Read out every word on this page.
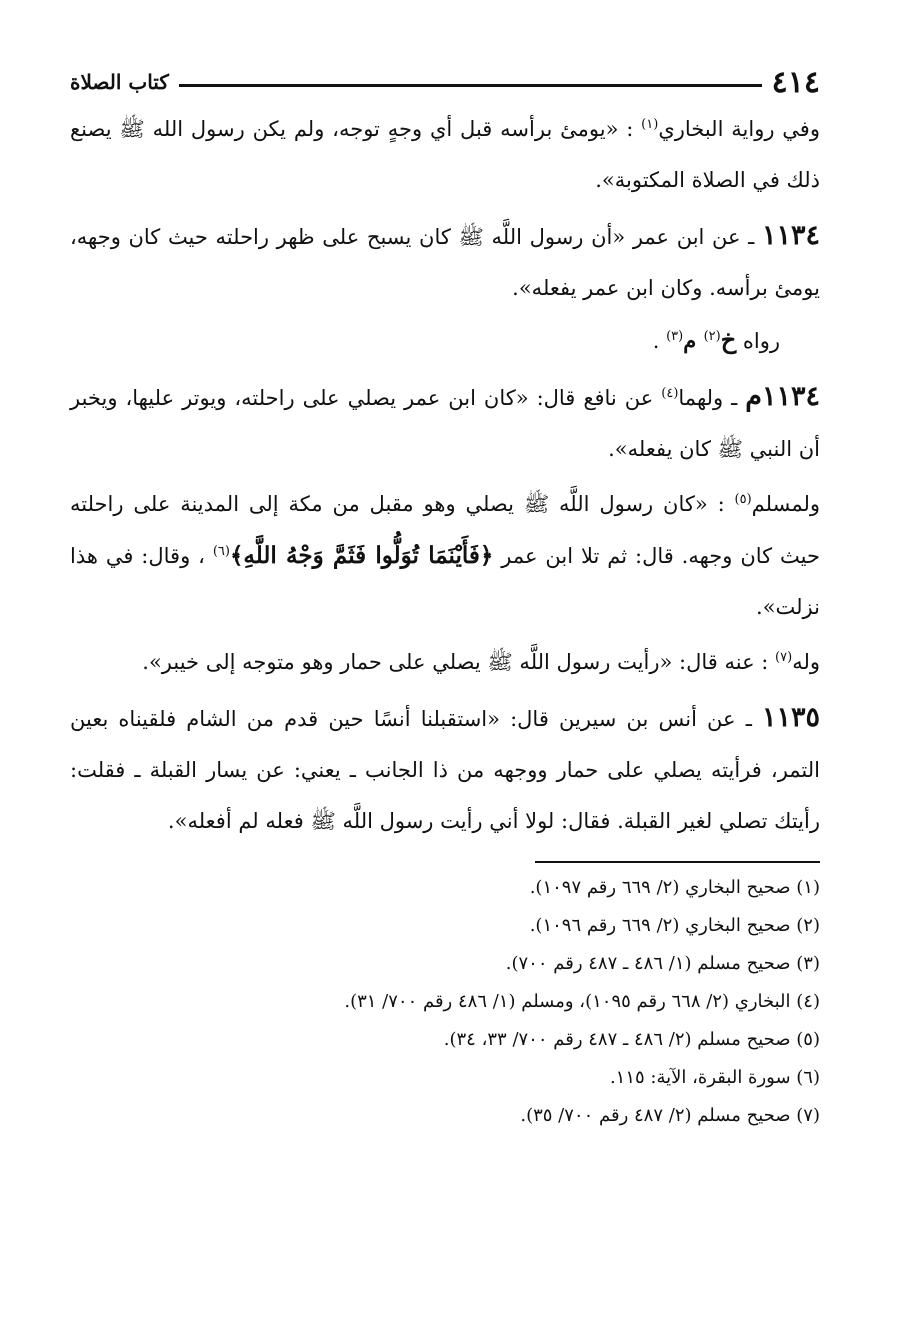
٤١٤
كتاب الصلاة

وفي رواية البخاري$^{(١)}$ : «يومئ برأسه قبل أي وجهٍ توجه، ولم يكن رسول الله ﷺ يصنع ذلك في الصلاة المكتوبة».

١١٣٤ ـ عن ابن عمر «أن رسول اللَّه ﷺ كان يسبح على ظهر راحلته حيث كان وجهه، يومئ برأسه. وكان ابن عمر يفعله».

رواه خ$^{(٢)}$ م$^{(٣)}$ .

١١٣٤م ـ ولهما$^{(٤)}$ عن نافع قال: «كان ابن عمر يصلي على راحلته، ويوتر عليها، ويخبر أن النبي ﷺ كان يفعله».

ولمسلم$^{(٥)}$ : «كان رسول اللَّه ﷺ يصلي وهو مقبل من مكة إلى المدينة على راحلته حيث كان وجهه. قال: ثم تلا ابن عمر ﴿فَأَيْنَمَا تُوَلُّوا فَثَمَّ وَجْهُ اللَّهِ﴾$^{(٦)}$ ، وقال: في هذا نزلت».

وله$^{(٧)}$ : عنه قال: «رأيت رسول اللَّه ﷺ يصلي على حمار وهو متوجه إلى خيبر».

١١٣٥ ـ عن أنس بن سيرين قال: «استقبلنا أنسًا حين قدم من الشام فلقيناه بعين التمر، فرأيته يصلي على حمار ووجهه من ذا الجانب ـ يعني: عن يسار القبلة ـ فقلت: رأيتك تصلي لغير القبلة. فقال: لولا أني رأيت رسول اللَّه ﷺ فعله لم أفعله».

(١) صحيح البخاري (٢/ ٦٦٩ رقم ١٠٩٧).

(٢) صحيح البخاري (٢/ ٦٦٩ رقم ١٠٩٦).

(٣) صحيح مسلم (١/ ٤٨٦ ـ ٤٨٧ رقم ٧٠٠).

(٤) البخاري (٢/ ٦٦٨ رقم ١٠٩٥)، ومسلم (١/ ٤٨٦ رقم ٧٠٠/ ٣١).

(٥) صحيح مسلم (٢/ ٤٨٦ ـ ٤٨٧ رقم ٧٠٠/ ٣٣، ٣٤).

(٦) سورة البقرة، الآية: ١١٥.

(٧) صحيح مسلم (٢/ ٤٨٧ رقم ٧٠٠/ ٣٥).
